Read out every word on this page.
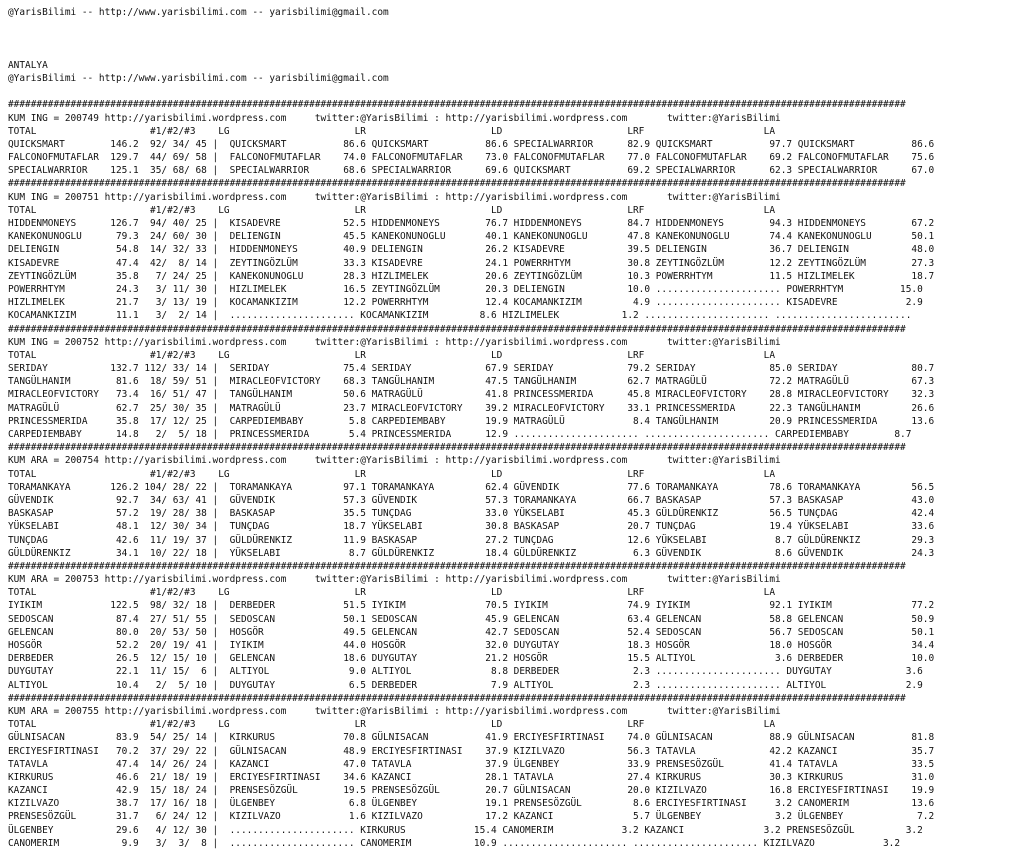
@YarisBilimi -- http://www.yarisbilimi.com -- yarisbilimi@gmail.com
ANTALYA
@YarisBilimi -- http://www.yarisbilimi.com -- yarisbilimi@gmail.com
##############################################################################################################################################################
KUM ING = 200749 http://yarisbilimi.wordpress.com     twitter:@YarisBilimi : http://yarisbilimi.wordpress.com       twitter:@YarisBilimi
TOTAL                    #1/#2/#3    LG                      LR                      LD                      LRF                     LA
QUICKSMART        146.2  92/ 34/ 45 |  QUICKSMART          86.6 QUICKSMART          86.6 SPECIALWARRIOR      82.9 QUICKSMART          97.7 QUICKSMART          86.6
FALCONOFMUTAFLAR  129.7  44/ 69/ 58 |  FALCONOFMUTAFLAR    74.0 FALCONOFMUTAFLAR    73.0 FALCONOFMUTAFLAR    77.0 FALCONOFMUTAFLAR    69.2 FALCONOFMUTAFLAR    75.6
SPECIALWARRIOR    125.1  35/ 68/ 68 |  SPECIALWARRIOR      68.6 SPECIALWARRIOR      69.6 QUICKSMART          69.2 SPECIALWARRIOR      62.3 SPECIALWARRIOR      67.0
##############################################################################################################################################################
KUM ING = 200751 http://yarisbilimi.wordpress.com     twitter:@YarisBilimi : http://yarisbilimi.wordpress.com       twitter:@YarisBilimi
TOTAL                    #1/#2/#3    LG                      LR                      LD                      LRF                     LA
HIDDENMONEYS      126.7  94/ 40/ 25 |  KISADEVRE           52.5 HIDDENMONEYS        76.7 HIDDENMONEYS        84.7 HIDDENMONEYS        94.3 HIDDENMONEYS        67.2
KANEKONUNOGLU      79.3  24/ 60/ 30 |  DELIENGIN           45.5 KANEKONUNOGLU       40.1 KANEKONUNOGLU       47.8 KANEKONUNOGLU       74.4 KANEKONUNOGLU       50.1
DELIENGIN          54.8  14/ 32/ 33 |  HIDDENMONEYS        40.9 DELIENGIN           26.2 KISADEVRE           39.5 DELIENGIN           36.7 DELIENGIN           48.0
KISADEVRE          47.4  42/  8/ 14 |  ZEYTINGÖZLÜM        33.3 KISADEVRE           24.1 POWERRHTYM          30.8 ZEYTINGÖZLÜM        12.2 ZEYTINGÖZLÜM        27.3
ZEYTINGÖZLÜM       35.8   7/ 24/ 25 |  KANEKONUNOGLU       28.3 HIZLIMELEK          20.6 ZEYTINGÖZLÜM        10.3 POWERRHTYM          11.5 HIZLIMELEK          18.7
POWERRHTYM         24.3   3/ 11/ 30 |  HIZLIMELEK          16.5 ZEYTINGÖZLÜM        20.3 DELIENGIN           10.0 ...................... POWERRHTYM          15.0
HIZLIMELEK         21.7   3/ 13/ 19 |  KOCAMANKIZIM        12.2 POWERRHTYM          12.4 KOCAMANKIZIM         4.9 ...................... KISADEVRE            2.9
KOCAMANKIZIM       11.1   3/  2/ 14 |  ...................... KOCAMANKIZIM         8.6 HIZLIMELEK           1.2 ...................... ........................
##############################################################################################################################################################
KUM ING = 200752 http://yarisbilimi.wordpress.com     twitter:@YarisBilimi : http://yarisbilimi.wordpress.com       twitter:@YarisBilimi
TOTAL                    #1/#2/#3    LG                      LR                      LD                      LRF                     LA
SERIDAY           132.7 112/ 33/ 14 |  SERIDAY             75.4 SERIDAY             67.9 SERIDAY             79.2 SERIDAY             85.0 SERIDAY             80.7
TANGÜLHANIM        81.6  18/ 59/ 51 |  MIRACLEOFVICTORY    68.3 TANGÜLHANIM         47.5 TANGÜLHANIM         62.7 MATRAGÜLÜ           72.2 MATRAGÜLÜ           67.3
MIRACLEOFVICTORY   73.4  16/ 51/ 47 |  TANGÜLHANIM         50.6 MATRAGÜLÜ           41.8 PRINCESSMERIDA      45.8 MIRACLEOFVICTORY    28.8 MIRACLEOFVICTORY    32.3
MATRAGÜLÜ          62.7  25/ 30/ 35 |  MATRAGÜLÜ           23.7 MIRACLEOFVICTORY    39.2 MIRACLEOFVICTORY    33.1 PRINCESSMERIDA      22.3 TANGÜLHANIM         26.6
PRINCESSMERIDA     35.8  17/ 12/ 25 |  CARPEDIEMBABY        5.8 CARPEDIEMBABY       19.9 MATRAGÜLÜ            8.4 TANGÜLHANIM         20.9 PRINCESSMERIDA      13.6
CARPEDIEMBABY      14.8   2/  5/ 18 |  PRINCESSMERIDA       5.4 PRINCESSMERIDA      12.9 ...................... ...................... CARPEDIEMBABY        8.7
##############################################################################################################################################################
KUM ARA = 200754 http://yarisbilimi.wordpress.com     twitter:@YarisBilimi : http://yarisbilimi.wordpress.com       twitter:@YarisBilimi
TOTAL                    #1/#2/#3    LG                      LR                      LD                      LRF                     LA
TORAMANKAYA       126.2 104/ 28/ 22 |  TORAMANKAYA         97.1 TORAMANKAYA         62.4 GÜVENDIK            77.6 TORAMANKAYA         78.6 TORAMANKAYA         56.5
GÜVENDIK           92.7  34/ 63/ 41 |  GÜVENDIK            57.3 GÜVENDIK            57.3 TORAMANKAYA         66.7 BASKASAP            57.3 BASKASAP            43.0
BASKASAP           57.2  19/ 28/ 38 |  BASKASAP            35.5 TUNÇDAG             33.0 YÜKSELABI           45.3 GÜLDÜRENKIZ         56.5 TUNÇDAG             42.4
YÜKSELABI          48.1  12/ 30/ 34 |  TUNÇDAG             18.7 YÜKSELABI           30.8 BASKASAP            20.7 TUNÇDAG             19.4 YÜKSELABI           33.6
TUNÇDAG            42.6  11/ 19/ 37 |  GÜLDÜRENKIZ         11.9 BASKASAP            27.2 TUNÇDAG             12.6 YÜKSELABI            8.7 GÜLDÜRENKIZ         29.3
GÜLDÜRENKIZ        34.1  10/ 22/ 18 |  YÜKSELABI            8.7 GÜLDÜRENKIZ         18.4 GÜLDÜRENKIZ          6.3 GÜVENDIK             8.6 GÜVENDIK            24.3
##############################################################################################################################################################
KUM ARA = 200753 http://yarisbilimi.wordpress.com     twitter:@YarisBilimi : http://yarisbilimi.wordpress.com       twitter:@YarisBilimi
TOTAL                    #1/#2/#3    LG                      LR                      LD                      LRF                     LA
IYIKIM            122.5  98/ 32/ 18 |  DERBEDER            51.5 IYIKIM              70.5 IYIKIM              74.9 IYIKIM              92.1 IYIKIM              77.2
SEDOSCAN           87.4  27/ 51/ 55 |  SEDOSCAN            50.1 SEDOSCAN            45.9 GELENCAN            63.4 GELENCAN            58.8 GELENCAN            50.9
GELENCAN           80.0  20/ 53/ 50 |  HOSGÖR              49.5 GELENCAN            42.7 SEDOSCAN            52.4 SEDOSCAN            56.7 SEDOSCAN            50.1
HOSGÖR             52.2  20/ 19/ 41 |  IYIKIM              44.0 HOSGÖR              32.0 DUYGUTAY            18.3 HOSGÖR              18.0 HOSGÖR              34.4
DERBEDER           26.5  12/ 15/ 10 |  GELENCAN            18.6 DUYGUTAY            21.2 HOSGÖR              15.5 ALTIYOL              3.6 DERBEDER            10.0
DUYGUTAY           22.1  11/ 15/  6 |  ALTIYOL              9.0 ALTIYOL              8.8 DERBEDER             2.3 ...................... DUYGUTAY             3.6
ALTIYOL            10.4   2/  5/ 10 |  DUYGUTAY             6.5 DERBEDER             7.9 ALTIYOL              2.3 ...................... ALTIYOL              2.9
##############################################################################################################################################################
KUM ARA = 200755 http://yarisbilimi.wordpress.com     twitter:@YarisBilimi : http://yarisbilimi.wordpress.com       twitter:@YarisBilimi
TOTAL                    #1/#2/#3    LG                      LR                      LD                      LRF                     LA
GÜLNISACAN         83.9  54/ 25/ 14 |  KIRKURUS            70.8 GÜLNISACAN          41.9 ERCIYESFIRTINASI    74.0 GÜLNISACAN          88.9 GÜLNISACAN          81.8
ERCIYESFIRTINASI   70.2  37/ 29/ 22 |  GÜLNISACAN          48.9 ERCIYESFIRTINASI    37.9 KIZILVAZO           56.3 TATAVLA             42.2 KAZANCI             35.7
TATAVLA            47.4  14/ 26/ 24 |  KAZANCI             47.0 TATAVLA             37.9 ÜLGENBEY            33.9 PRENSESÖZGÜL        41.4 TATAVLA             33.5
KIRKURUS           46.6  21/ 18/ 19 |  ERCIYESFIRTINASI    34.6 KAZANCI             28.1 TATAVLA             27.4 KIRKURUS            30.3 KIRKURUS            31.0
KAZANCI            42.9  15/ 18/ 24 |  PRENSESÖZGÜL        19.5 PRENSESÖZGÜL        20.7 GÜLNISACAN          20.0 KIZILVAZO           16.8 ERCIYESFIRTINASI    19.9
KIZILVAZO          38.7  17/ 16/ 18 |  ÜLGENBEY             6.8 ÜLGENBEY            19.1 PRENSESÖZGÜL         8.6 ERCIYESFIRTINASI     3.2 CANOMERIM           13.6
PRENSESÖZGÜL       31.7   6/ 24/ 12 |  KIZILVAZO            1.6 KIZILVAZO           17.2 KAZANCI              5.7 ÜLGENBEY             3.2 ÜLGENBEY             7.2
ÜLGENBEY           29.6   4/ 12/ 30 |  ...................... KIRKURUS            15.4 CANOMERIM            3.2 KAZANCI              3.2 PRENSESÖZGÜL         3.2
CANOMERIM           9.9   3/  3/  8 |  ...................... CANOMERIM           10.9 ...................... ...................... KIZILVAZO            3.2
